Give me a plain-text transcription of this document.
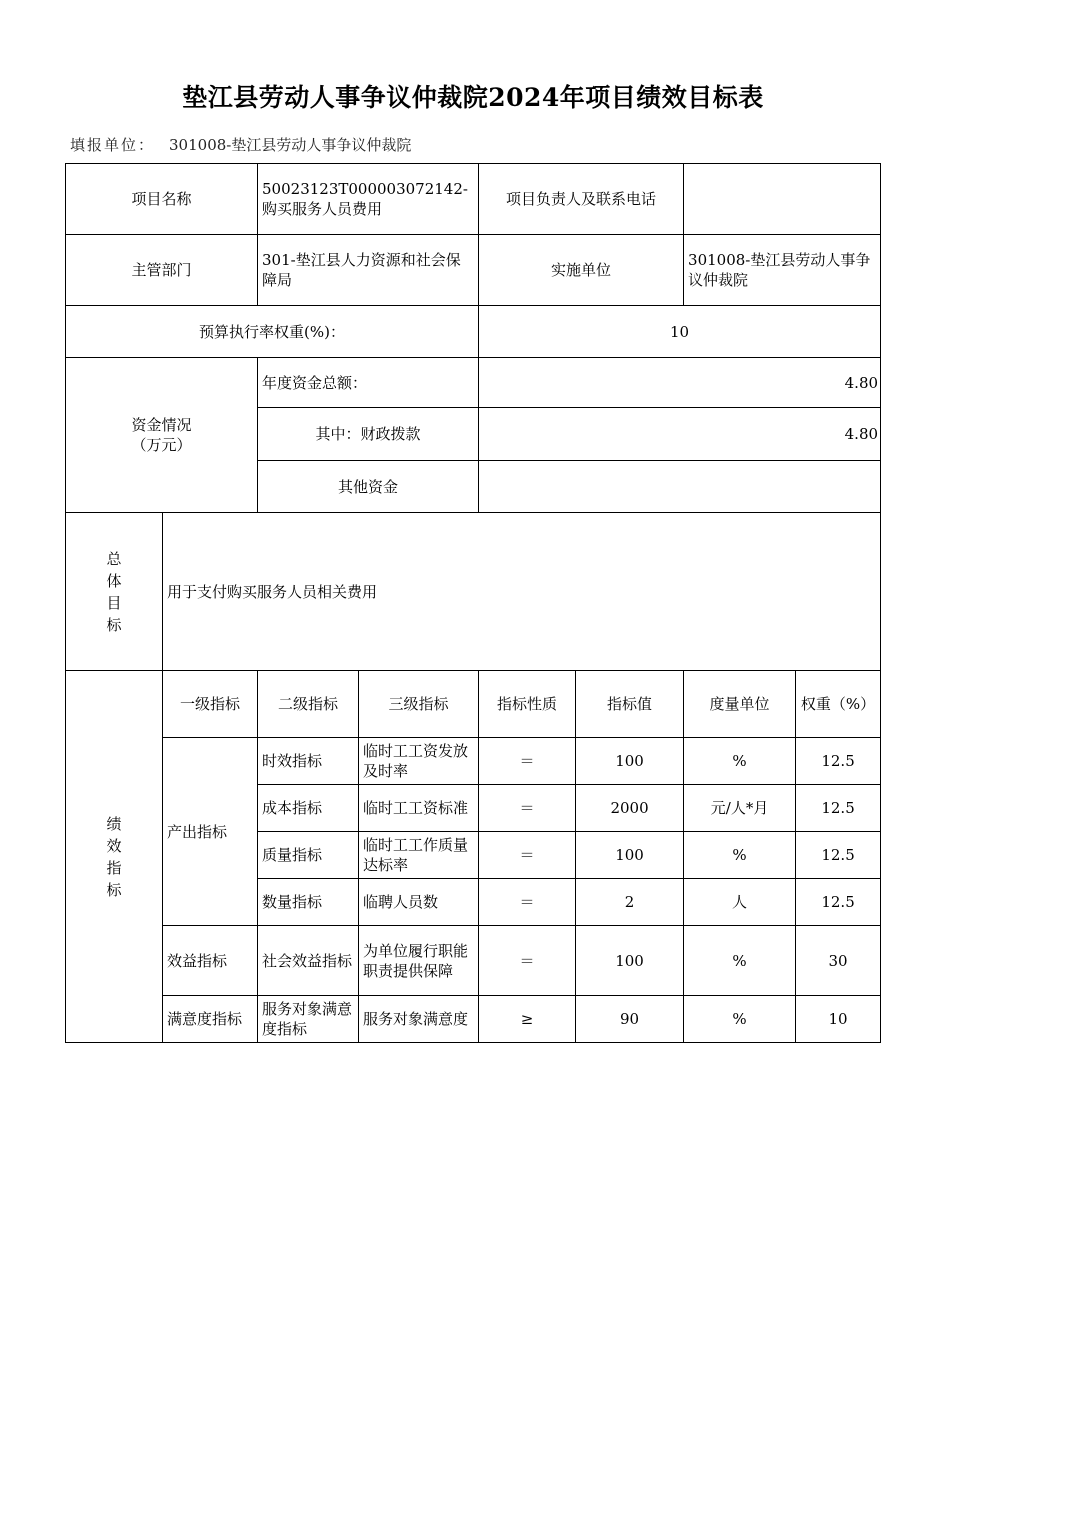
垫江县劳动人事争议仲裁院2024年项目绩效目标表
填报单位： 301008-垫江县劳动人事争议仲裁院
项目名称		50023123T000003072142-购买服务人员费用		项目负责人及联系电话			
主管部门		301-垫江县人力资源和社会保障局		实施单位		301008-垫江县劳动人事争议仲裁院	
预算执行率权重(%)：				10			
资金情况
（万元）		年度资金总额：		4.80			
		其中：财政拨款		4.80			
		其他资金					

总体目标	用于支付购买服务人员相关费用						

绩效指标	一级指标	二级指标	三级指标	指标性质	指标值	度量单位	权重（%）
	产出指标	时效指标	临时工工资发放及时率	＝	100	%	12.5
		成本指标	临时工工资标准	＝	2000	元/人*月	12.5
		质量指标	临时工工作质量达标率	＝	100	%	12.5
		数量指标	临聘人员数	＝	2	人	12.5
	效益指标	社会效益指标	为单位履行职能职责提供保障	＝	100	%	30
	满意度指标	服务对象满意度指标	服务对象满意度	≥	90	%	10
